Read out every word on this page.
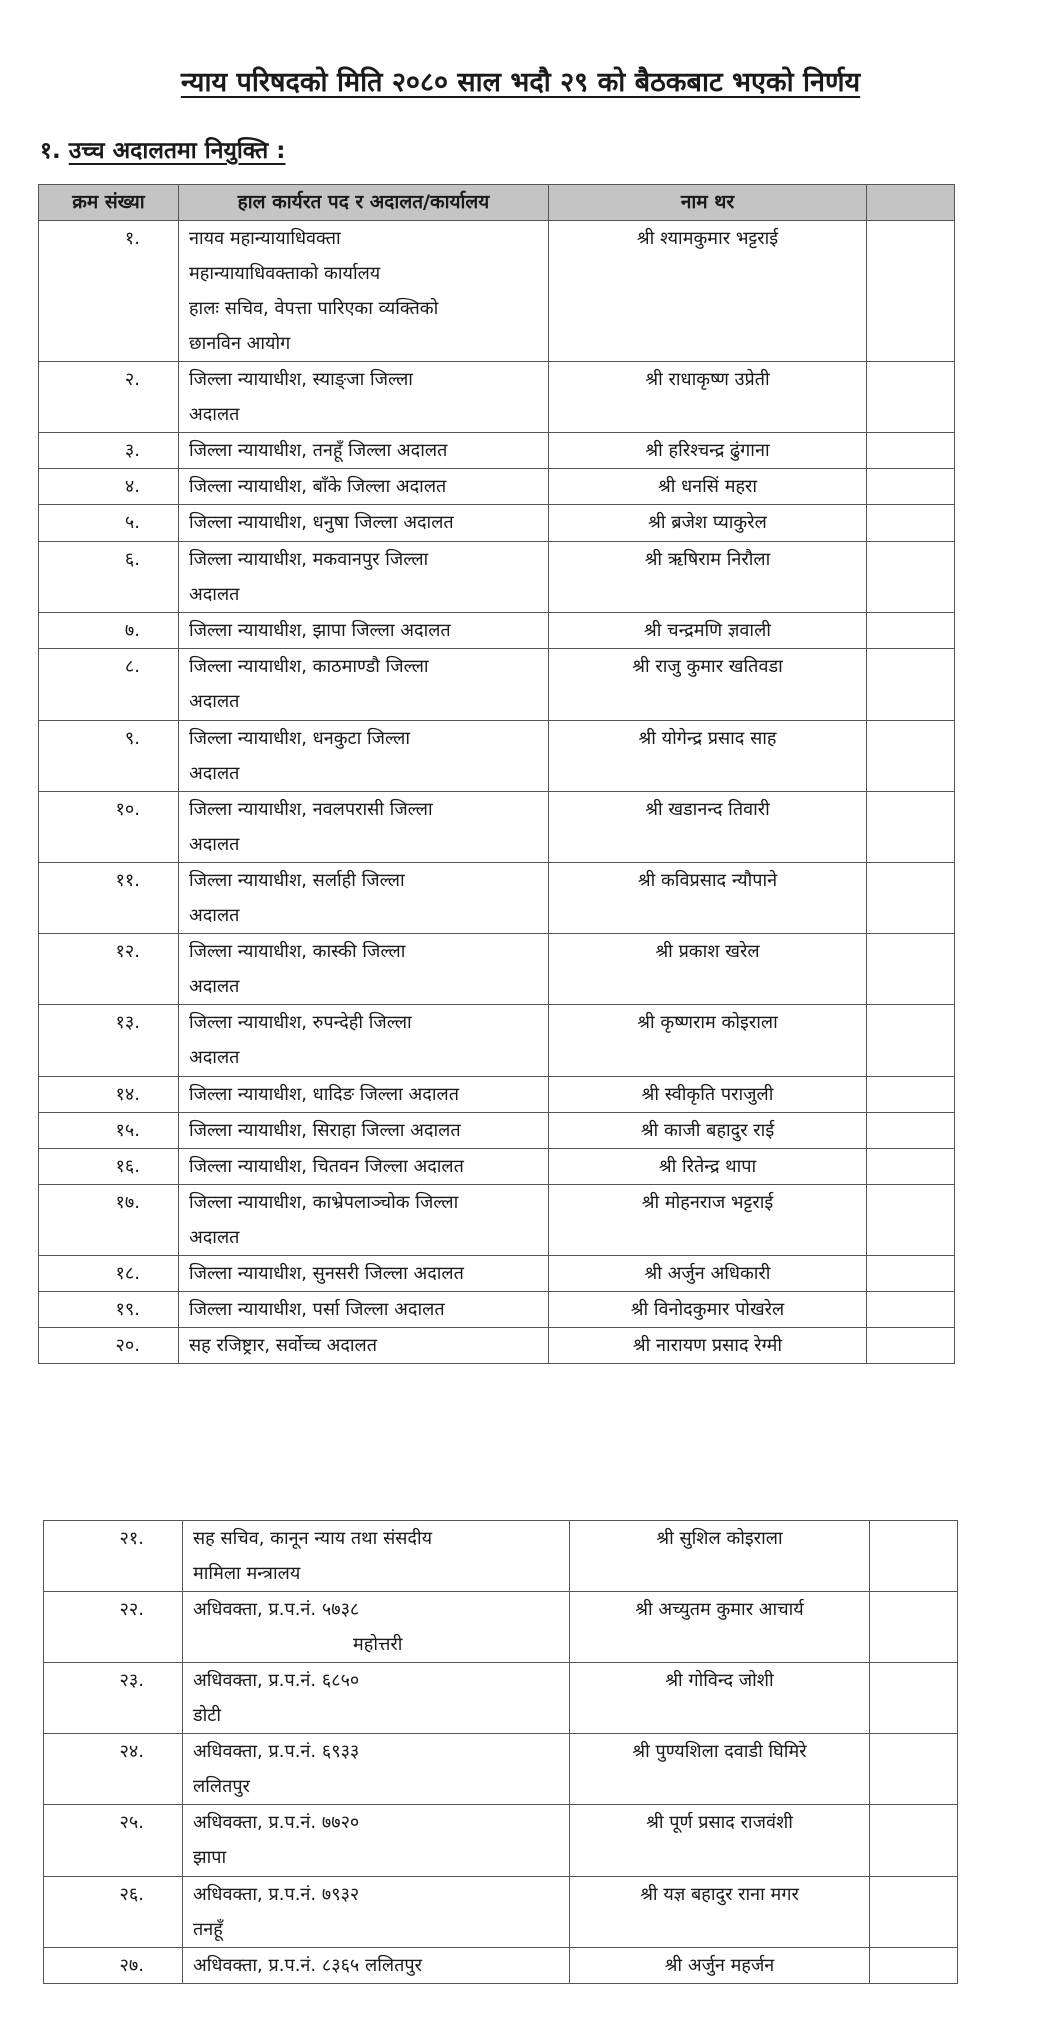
न्याय परिषदको मिति २०८० साल भदौ २९ को बैठकबाट भएको निर्णय
१. उच्च अदालतमा नियुक्ति :
क्रम संख्या	हाल कार्यरत पद र अदालत/कार्यालय	नाम थर	
१.	नायव महान्यायाधिवक्ता
महान्यायाधिवक्ताको कार्यालय
हालः सचिव, वेपत्ता पारिएका व्यक्तिको
छानविन आयोग	श्री श्यामकुमार भट्टराई	
२.	जिल्ला न्यायाधीश, स्याङ्जा जिल्ला
अदालत	श्री राधाकृष्ण उप्रेती	
३.	जिल्ला न्यायाधीश, तनहूँ जिल्ला अदालत	श्री हरिश्चन्द्र ढुंगाना	
४.	जिल्ला न्यायाधीश, बाँके जिल्ला अदालत	श्री धनसिं महरा	
५.	जिल्ला न्यायाधीश, धनुषा जिल्ला अदालत	श्री ब्रजेश प्याकुरेल	
६.	जिल्ला न्यायाधीश, मकवानपुर जिल्ला
अदालत	श्री ऋषिराम निरौला	
७.	जिल्ला न्यायाधीश, झापा जिल्ला अदालत	श्री चन्द्रमणि ज्ञवाली	
८.	जिल्ला न्यायाधीश, काठमाण्डौ जिल्ला
अदालत	श्री राजु कुमार खतिवडा	
९.	जिल्ला न्यायाधीश, धनकुटा जिल्ला
अदालत	श्री योगेन्द्र प्रसाद साह	
१०.	जिल्ला न्यायाधीश, नवलपरासी जिल्ला
अदालत	श्री खडानन्द तिवारी	
११.	जिल्ला न्यायाधीश, सर्लाही जिल्ला
अदालत	श्री कविप्रसाद न्यौपाने	
१२.	जिल्ला न्यायाधीश, कास्की जिल्ला
अदालत	श्री प्रकाश खरेल	
१३.	जिल्ला न्यायाधीश, रुपन्देही जिल्ला
अदालत	श्री कृष्णराम कोइराला	
१४.	जिल्ला न्यायाधीश, धादिङ जिल्ला अदालत	श्री स्वीकृति पराजुली	
१५.	जिल्ला न्यायाधीश, सिराहा जिल्ला अदालत	श्री काजी बहादुर राई	
१६.	जिल्ला न्यायाधीश, चितवन जिल्ला अदालत	श्री रितेन्द्र थापा	
१७.	जिल्ला न्यायाधीश, काभ्रेपलाञ्चोक जिल्ला
अदालत	श्री मोहनराज भट्टराई	
१८.	जिल्ला न्यायाधीश, सुनसरी जिल्ला अदालत	श्री अर्जुन अधिकारी	
१९.	जिल्ला न्यायाधीश, पर्सा जिल्ला अदालत	श्री विनोदकुमार पोखरेल	
२०.	सह रजिष्ट्रार, सर्वोच्च अदालत	श्री नारायण प्रसाद रेग्मी	
२१.	सह सचिव, कानून न्याय तथा संसदीय
मामिला मन्त्रालय	श्री सुशिल कोइराला	
२२.	अधिवक्ता, प्र.प.नं. ५७३८
महोत्तरी	श्री अच्युतम कुमार आचार्य	
२३.	अधिवक्ता, प्र.प.नं. ६८५०
डोटी	श्री गोविन्द जोशी	
२४.	अधिवक्ता, प्र.प.नं. ६९३३
ललितपुर	श्री पुण्यशिला दवाडी घिमिरे	
२५.	अधिवक्ता, प्र.प.नं. ७७२०
झापा	श्री पूर्ण प्रसाद राजवंशी	
२६.	अधिवक्ता, प्र.प.नं. ७९३२
तनहूँ	श्री यज्ञ बहादुर राना मगर	
२७.	अधिवक्ता, प्र.प.नं. ८३६५ ललितपुर	श्री अर्जुन महर्जन	
